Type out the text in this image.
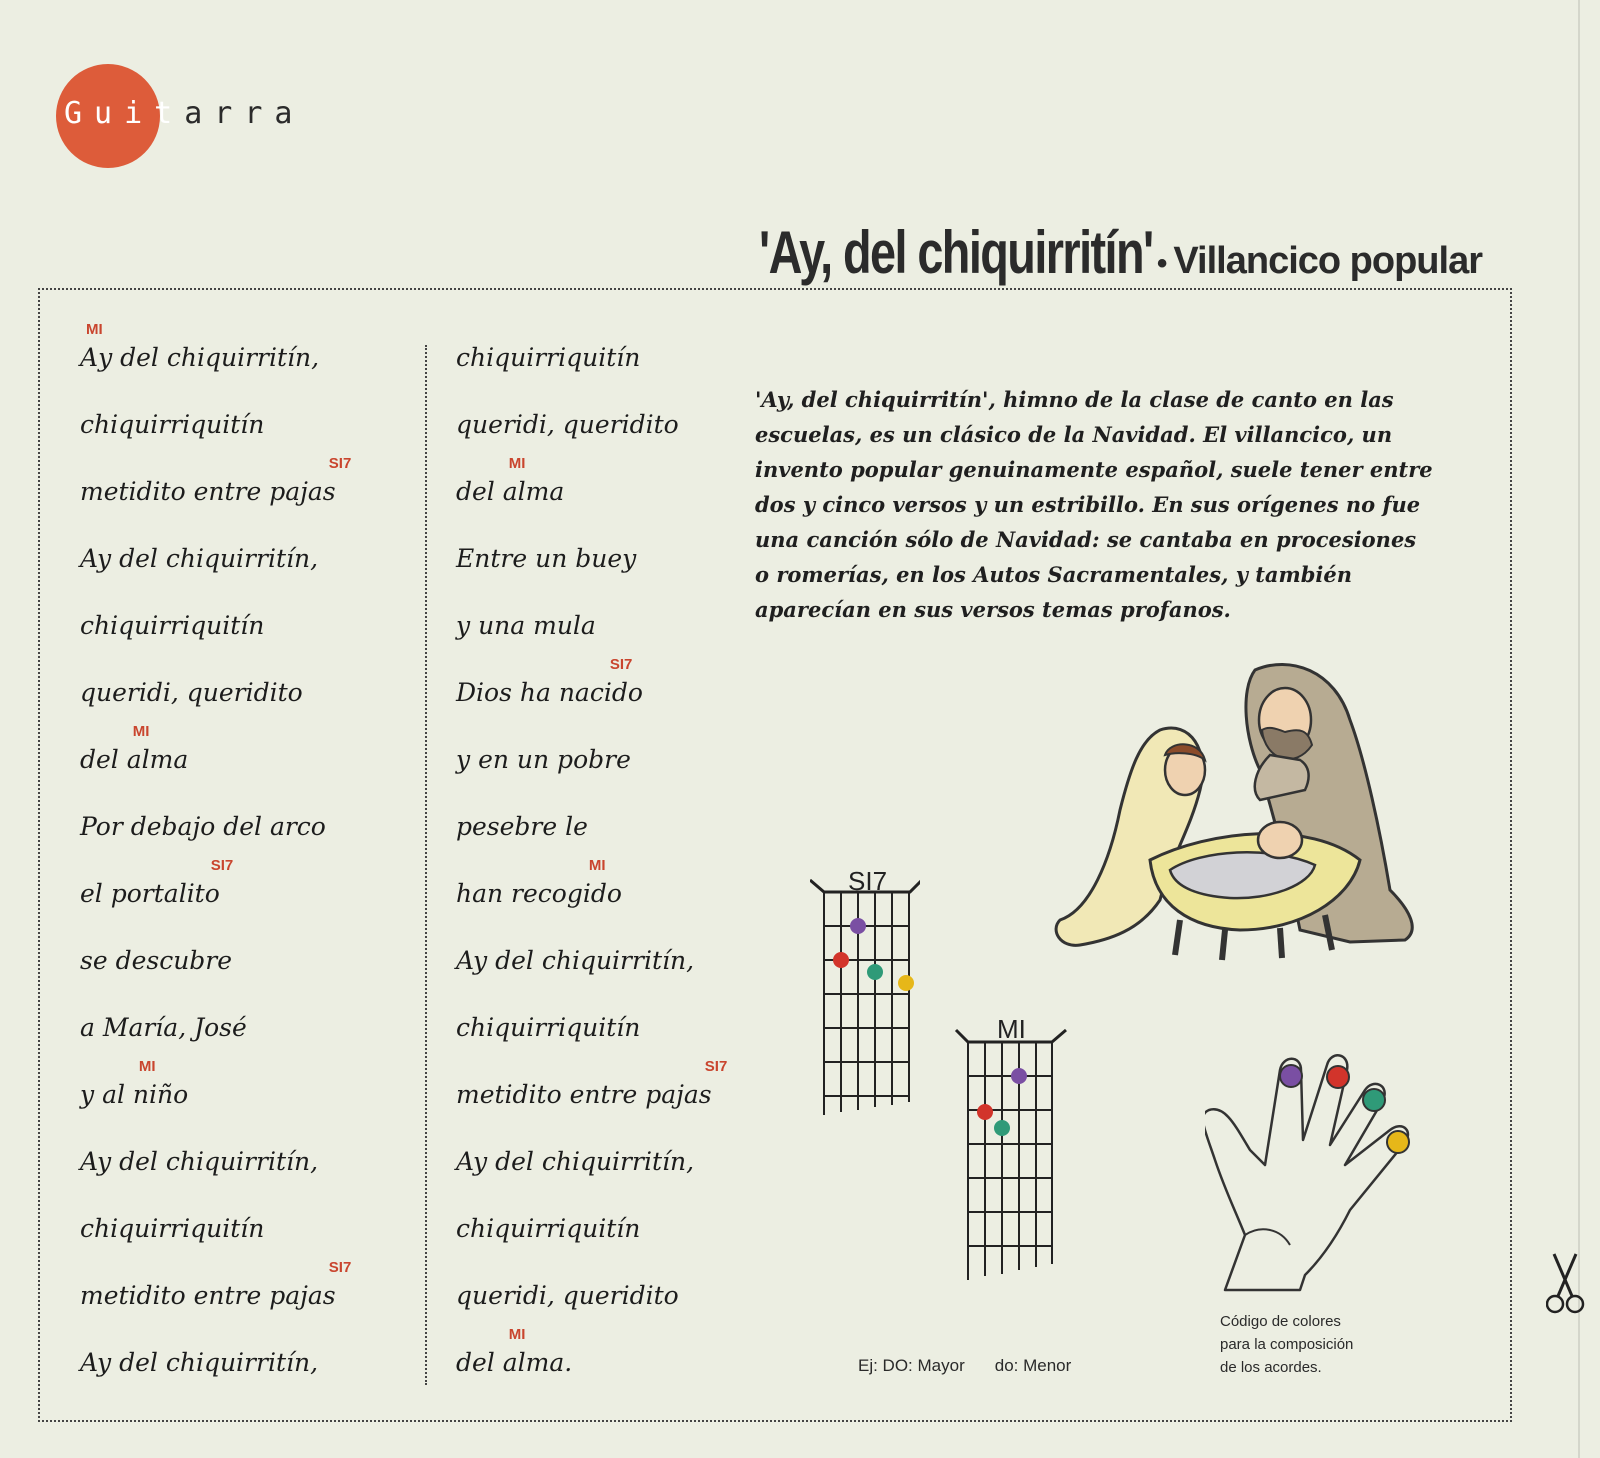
Guitarra
'Ay, del chiquirritín' • Villancico popular
MI Ay del chiquirritín,
chiquirriquitín
metidito entre pajaSI7 s
Ay del chiquirritín,
chiquirriquitín
queridi, queridito
del MI alma
Por debajo del arco
el portalitSI7 o
se descubre
a María, José
y al MI niño
Ay del chiquirritín,
chiquirriquitín
metidito entre pajaSI7 s
Ay del chiquirritín,
chiquirriquitín
queridi, queridito
del MI alma
Entre un buey
y una mula
Dios ha nacSI7 ido
y en un pobre
pesebre le
han recogMI ido
Ay del chiquirritín,
chiquirriquitín
metidito entre pajaSI7 s
Ay del chiquirritín,
chiquirriquitín
queridi, queridito
del MI alma.
'Ay, del chiquirritín', himno de la clase de canto en las escuelas, es un clásico de la Navidad. El villancico, un invento popular genuinamente español, suele tener entre dos y cinco versos y un estribillo. En sus orígenes no fue una canción sólo de Navidad: se cantaba en procesiones o romerías, en los Autos Sacramentales, y también aparecían en sus versos temas profanos.
SI7
MI
Código de colores
para la composición
de los acordes.
Ej: DO: Mayor do: Menor
